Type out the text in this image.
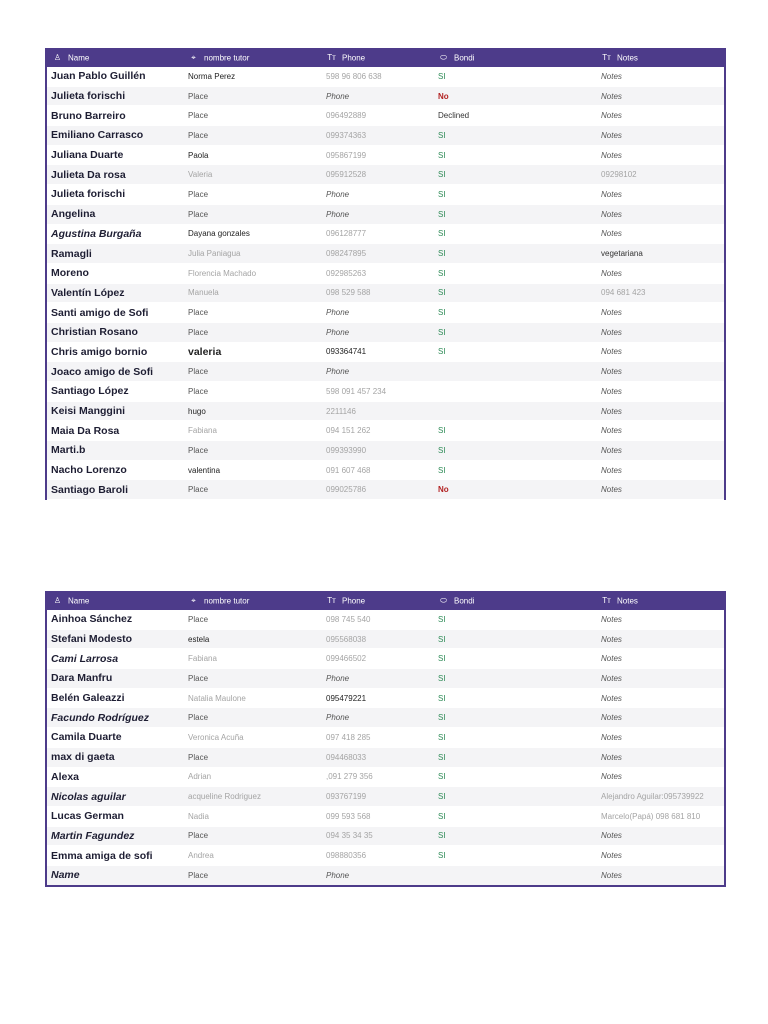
♙ Name	⌖ nombre tutor	Tт Phone	⬭ Bondi	Tт Notes
Juan Pablo Guillén	Norma Perez	598 96 806 638	SI	Notes
Julieta forischi	Place	Phone	No	Notes
Bruno Barreiro	Place	096492889	Declined	Notes
Emiliano Carrasco	Place	099374363	SI	Notes
Juliana Duarte	Paola	095867199	SI	Notes
Julieta Da rosa	Valeria	095912528	SI	09298102
Julieta forischi	Place	Phone	SI	Notes
Angelina	Place	Phone	SI	Notes
Agustina Burgaña	Dayana gonzales	096128777	SI	Notes
Ramagli	Julia Paniagua	098247895	SI	vegetariana
Moreno	Florencia Machado	092985263	SI	Notes
Valentín López	Manuela	098 529 588	SI	094 681 423
Santi amigo de Sofi	Place	Phone	SI	Notes
Christian Rosano	Place	Phone	SI	Notes
Chris amigo bornio	valeria	093364741	SI	Notes
Joaco amigo de Sofi	Place	Phone		Notes
Santiago López	Place	598 091 457 234		Notes
Keisi Manggini	hugo	2211146		Notes
Maia Da Rosa	Fabiana	094 151 262	SI	Notes
Marti.b	Place	099393990	SI	Notes
Nacho Lorenzo	valentina	091 607 468	SI	Notes
Santiago Baroli	Place	099025786	No	Notes
♙ Name	⌖ nombre tutor	Tт Phone	⬭ Bondi	Tт Notes
Ainhoa Sánchez	Place	098 745 540	SI	Notes
Stefani Modesto	estela	095568038	SI	Notes
Cami Larrosa	Fabiana	099466502	SI	Notes
Dara Manfru	Place	Phone	SI	Notes
Belén Galeazzi	Natalia Maulone	095479221	SI	Notes
Facundo Rodríguez	Place	Phone	SI	Notes
Camila Duarte	Veronica Acuña	097 418 285	SI	Notes
max di gaeta	Place	094468033	SI	Notes
Alexa	Adrian	,091 279 356	SI	Notes
Nicolas aguilar	acqueline Rodriguez	093767199	SI	Alejandro Aguilar:095739922
Lucas German	Nadia	099 593 568	SI	Marcelo(Papá) 098 681 810
Martin Fagundez	Place	094 35 34 35	SI	Notes
Emma amiga de sofi	Andrea	098880356	SI	Notes
Name	Place	Phone		Notes
